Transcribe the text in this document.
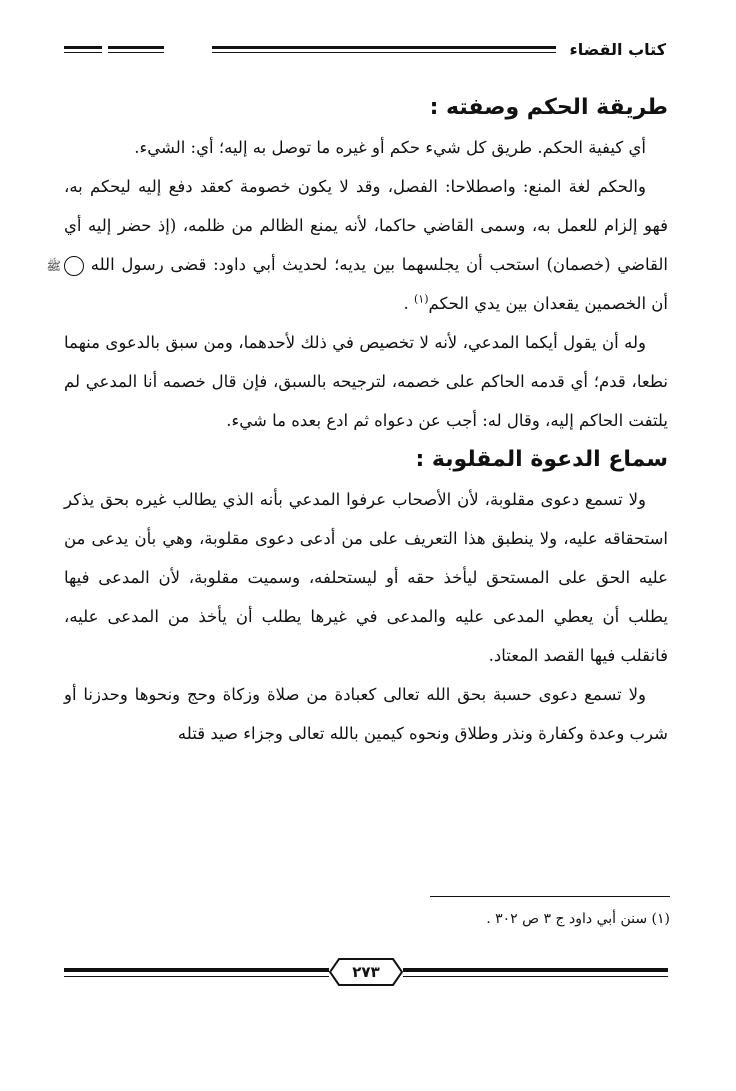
كتاب القضاء
طريقة الحكم وصفته :

أي كيفية الحكم. طريق كل شيء حكم أو غيره ما توصل به إليه؛ أي: الشيء.

والحكم لغة المنع: واصطلاحا: الفصل، وقد لا يكون خصومة كعقد دفع إليه ليحكم به، فهو إلزام للعمل به، وسمى القاضي حاكما، لأنه يمنع الظالم من ظلمه، (إذ حضر إليه أي القاضي (خصمان) استحب أن يجلسهما بين يديه؛ لحديث أبي داود: قضى رسول الله ﷺ أن الخصمين يقعدان بين يدي الحكم$^{(١)}$ .

وله أن يقول أيكما المدعي، لأنه لا تخصيص في ذلك لأحدهما، ومن سبق بالدعوى منهما نطعا، قدم؛ أي قدمه الحاكم على خصمه، لترجيحه بالسبق، فإن قال خصمه أنا المدعي لم يلتفت الحاكم إليه، وقال له: أجب عن دعواه ثم ادع بعده ما شيء.

سماع الدعوة المقلوبة :

ولا تسمع دعوى مقلوبة، لأن الأصحاب عرفوا المدعي بأنه الذي يطالب غيره بحق يذكر استحقاقه عليه، ولا ينطبق هذا التعريف على من أدعى دعوى مقلوبة، وهي بأن يدعى من عليه الحق على المستحق ليأخذ حقه أو ليستحلفه، وسميت مقلوبة، لأن المدعى فيها يطلب أن يعطي المدعى عليه والمدعى في غيرها يطلب أن يأخذ من المدعى عليه، فانقلب فيها القصد المعتاد.

ولا تسمع دعوى حسبة بحق الله تعالى كعبادة من صلاة وزكاة وحج ونحوها وحدزنا أو شرب وعدة وكفارة ونذر وطلاق ونحوه كيمين بالله تعالى وجزاء صيد قتله

(١) سنن أبي داود ج ٣ ص ٣٠٢ .
٢٧٣
